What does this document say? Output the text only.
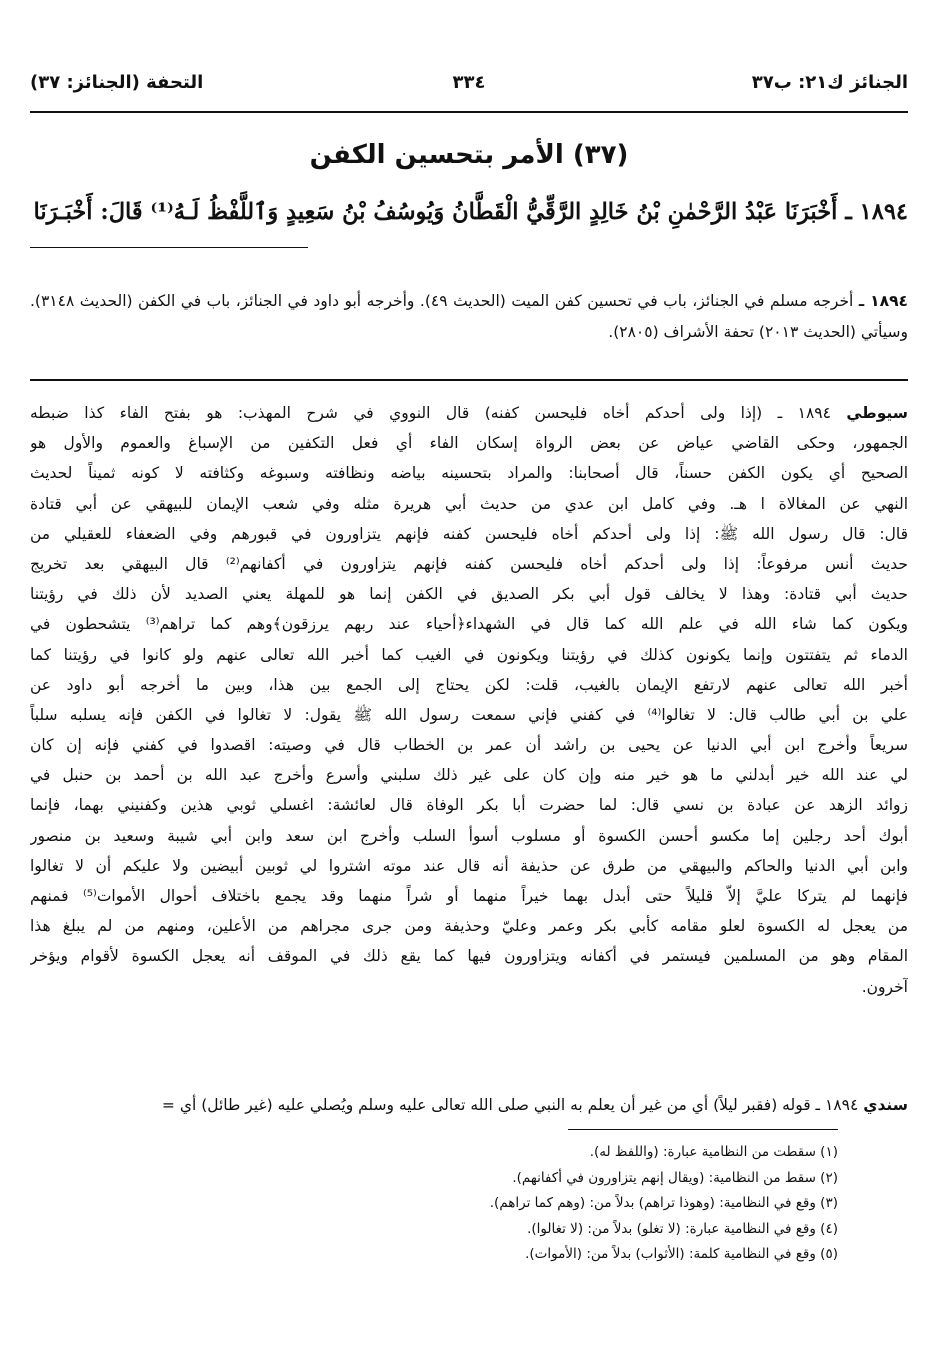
الجنائز ك٢١: ب٣٧
٣٣٤
التحفة (الجنائز: ٣٧)
(٣٧) الأمر بتحسين الكفن
١٨٩٤ ـ أَخْبَرَنَا عَبْدُ الرَّحْمٰنِ بْنُ خَالِدٍ الرَّقِّيُّ الْقَطَّانُ وَيُوسُفُ بْنُ سَعِيدٍ وَٱللَّفْظُ لَـهُ⁽¹⁾ قَالَ: أَخْبَـرَنَا
١٨٩٤ ـ أخرجه مسلم في الجنائز، باب في تحسين كفن الميت (الحديث ٤٩). وأخرجه أبو داود في الجنائز، باب في الكفن (الحديث ٣١٤٨). وسيأتي (الحديث ٢٠١٣) تحفة الأشراف (٢٨٠٥).
سيوطي ١٨٩٤ ـ (إذا ولى أحدكم أخاه فليحسن كفنه) قال النووي في شرح المهذب: هو بفتح الفاء كذا ضبطه
الجمهور، وحكى القاضي عياض عن بعض الرواة إسكان الفاء أي فعل التكفين من الإسباغ والعموم والأول هو
الصحيح أي يكون الكفن حسناً، قال أصحابنا: والمراد بتحسينه بياضه ونظافته وسبوغه وكثافته لا كونه ثميناً لحديث
النهي عن المغالاة ا هـ. وفي كامل ابن عدي من حديث أبي هريرة مثله وفي شعب الإيمان للبيهقي عن أبي قتادة
قال: قال رسول الله ﷺ: إذا ولى أحدكم أخاه فليحسن كفنه فإنهم يتزاورون في قبورهم وفي الضعفاء للعقيلي من
حديث أنس مرفوعاً: إذا ولى أحدكم أخاه فليحسن كفنه فإنهم يتزاورون في أكفانهم⁽²⁾ قال البيهقي بعد تخريج
حديث أبي قتادة: وهذا لا يخالف قول أبي بكر الصديق في الكفن إنما هو للمهلة يعني الصديد لأن ذلك في رؤيتنا
ويكون كما شاء الله في علم الله كما قال في الشهداء﴿أحياء عند ربهم يرزقون﴾وهم كما تراهم⁽³⁾ يتشحطون في
الدماء ثم يتفتتون وإنما يكونون كذلك في رؤيتنا ويكونون في الغيب كما أخبر الله تعالى عنهم ولو كانوا في رؤيتنا كما
أخبر الله تعالى عنهم لارتفع الإيمان بالغيب، قلت: لكن يحتاج إلى الجمع بين هذا، وبين ما أخرجه أبو داود عن
علي بن أبي طالب قال: لا تغالوا⁽⁴⁾ في كفني فإني سمعت رسول الله ﷺ يقول: لا تغالوا في الكفن فإنه يسلبه سلباً
سريعاً وأخرج ابن أبي الدنيا عن يحيى بن راشد أن عمر بن الخطاب قال في وصيته: اقصدوا في كفني فإنه إن كان
لي عند الله خير أبدلني ما هو خير منه وإن كان على غير ذلك سلبني وأسرع وأخرج عبد الله بن أحمد بن حنبل في
زوائد الزهد عن عبادة بن نسي قال: لما حضرت أبا بكر الوفاة قال لعائشة: اغسلي ثوبي هذين وكفنيني بهما، فإنما
أبوك أحد رجلين إما مكسو أحسن الكسوة أو مسلوب أسوأ السلب وأخرج ابن سعد وابن أبي شيبة وسعيد بن منصور
وابن أبي الدنيا والحاكم والبيهقي من طرق عن حذيفة أنه قال عند موته اشتروا لي ثوبين أبيضين ولا عليكم أن لا تغالوا
فإنهما لم يتركا عليَّ إلاّ قليلاً حتى أبدل بهما خيراً منهما أو شراً منهما وقد يجمع باختلاف أحوال الأموات⁽⁵⁾ فمنهم
من يعجل له الكسوة لعلو مقامه كأبي بكر وعمر وعليّ وحذيفة ومن جرى مجراهم من الأعلين، ومنهم من لم يبلغ هذا
المقام وهو من المسلمين فيستمر في أكفانه ويتزاورون فيها كما يقع ذلك في الموقف أنه يعجل الكسوة لأقوام ويؤخر
آخرون.
سندي ١٨٩٤ ـ قوله (فقبر ليلاً) أي من غير أن يعلم به النبي صلى الله تعالى عليه وسلم ويُصلي عليه (غير طائل) أي =
(١) سقطت من النظامية عبارة: (واللفظ له).
(٢) سقط من النظامية: (ويقال إنهم يتزاورون في أكفانهم).
(٣) وقع في النظامية: (وهوذا تراهم) بدلاً من: (وهم كما تراهم).
(٤) وقع في النظامية عبارة: (لا تغلو) بدلاً من: (لا تغالوا).
(٥) وقع في النظامية كلمة: (الأثواب) بدلاً من: (الأموات).
